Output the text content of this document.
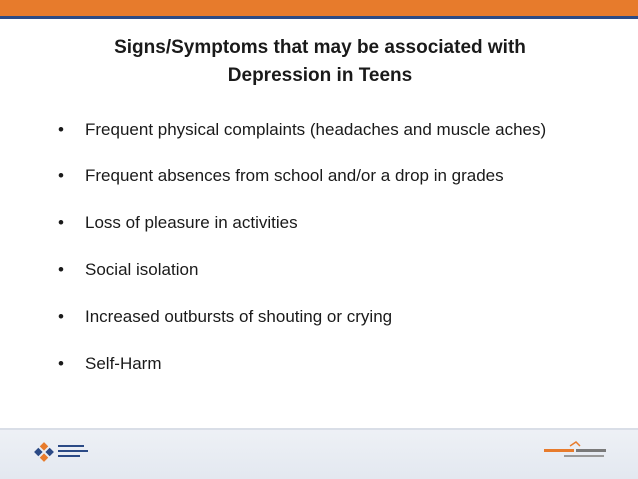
Signs/Symptoms that may be associated with
Depression in Teens
• Frequent physical complaints (headaches and muscle aches)
• Frequent absences from school and/or a drop in grades
• Loss of pleasure in activities
• Social isolation
• Increased outbursts of shouting or crying
• Self-Harm
